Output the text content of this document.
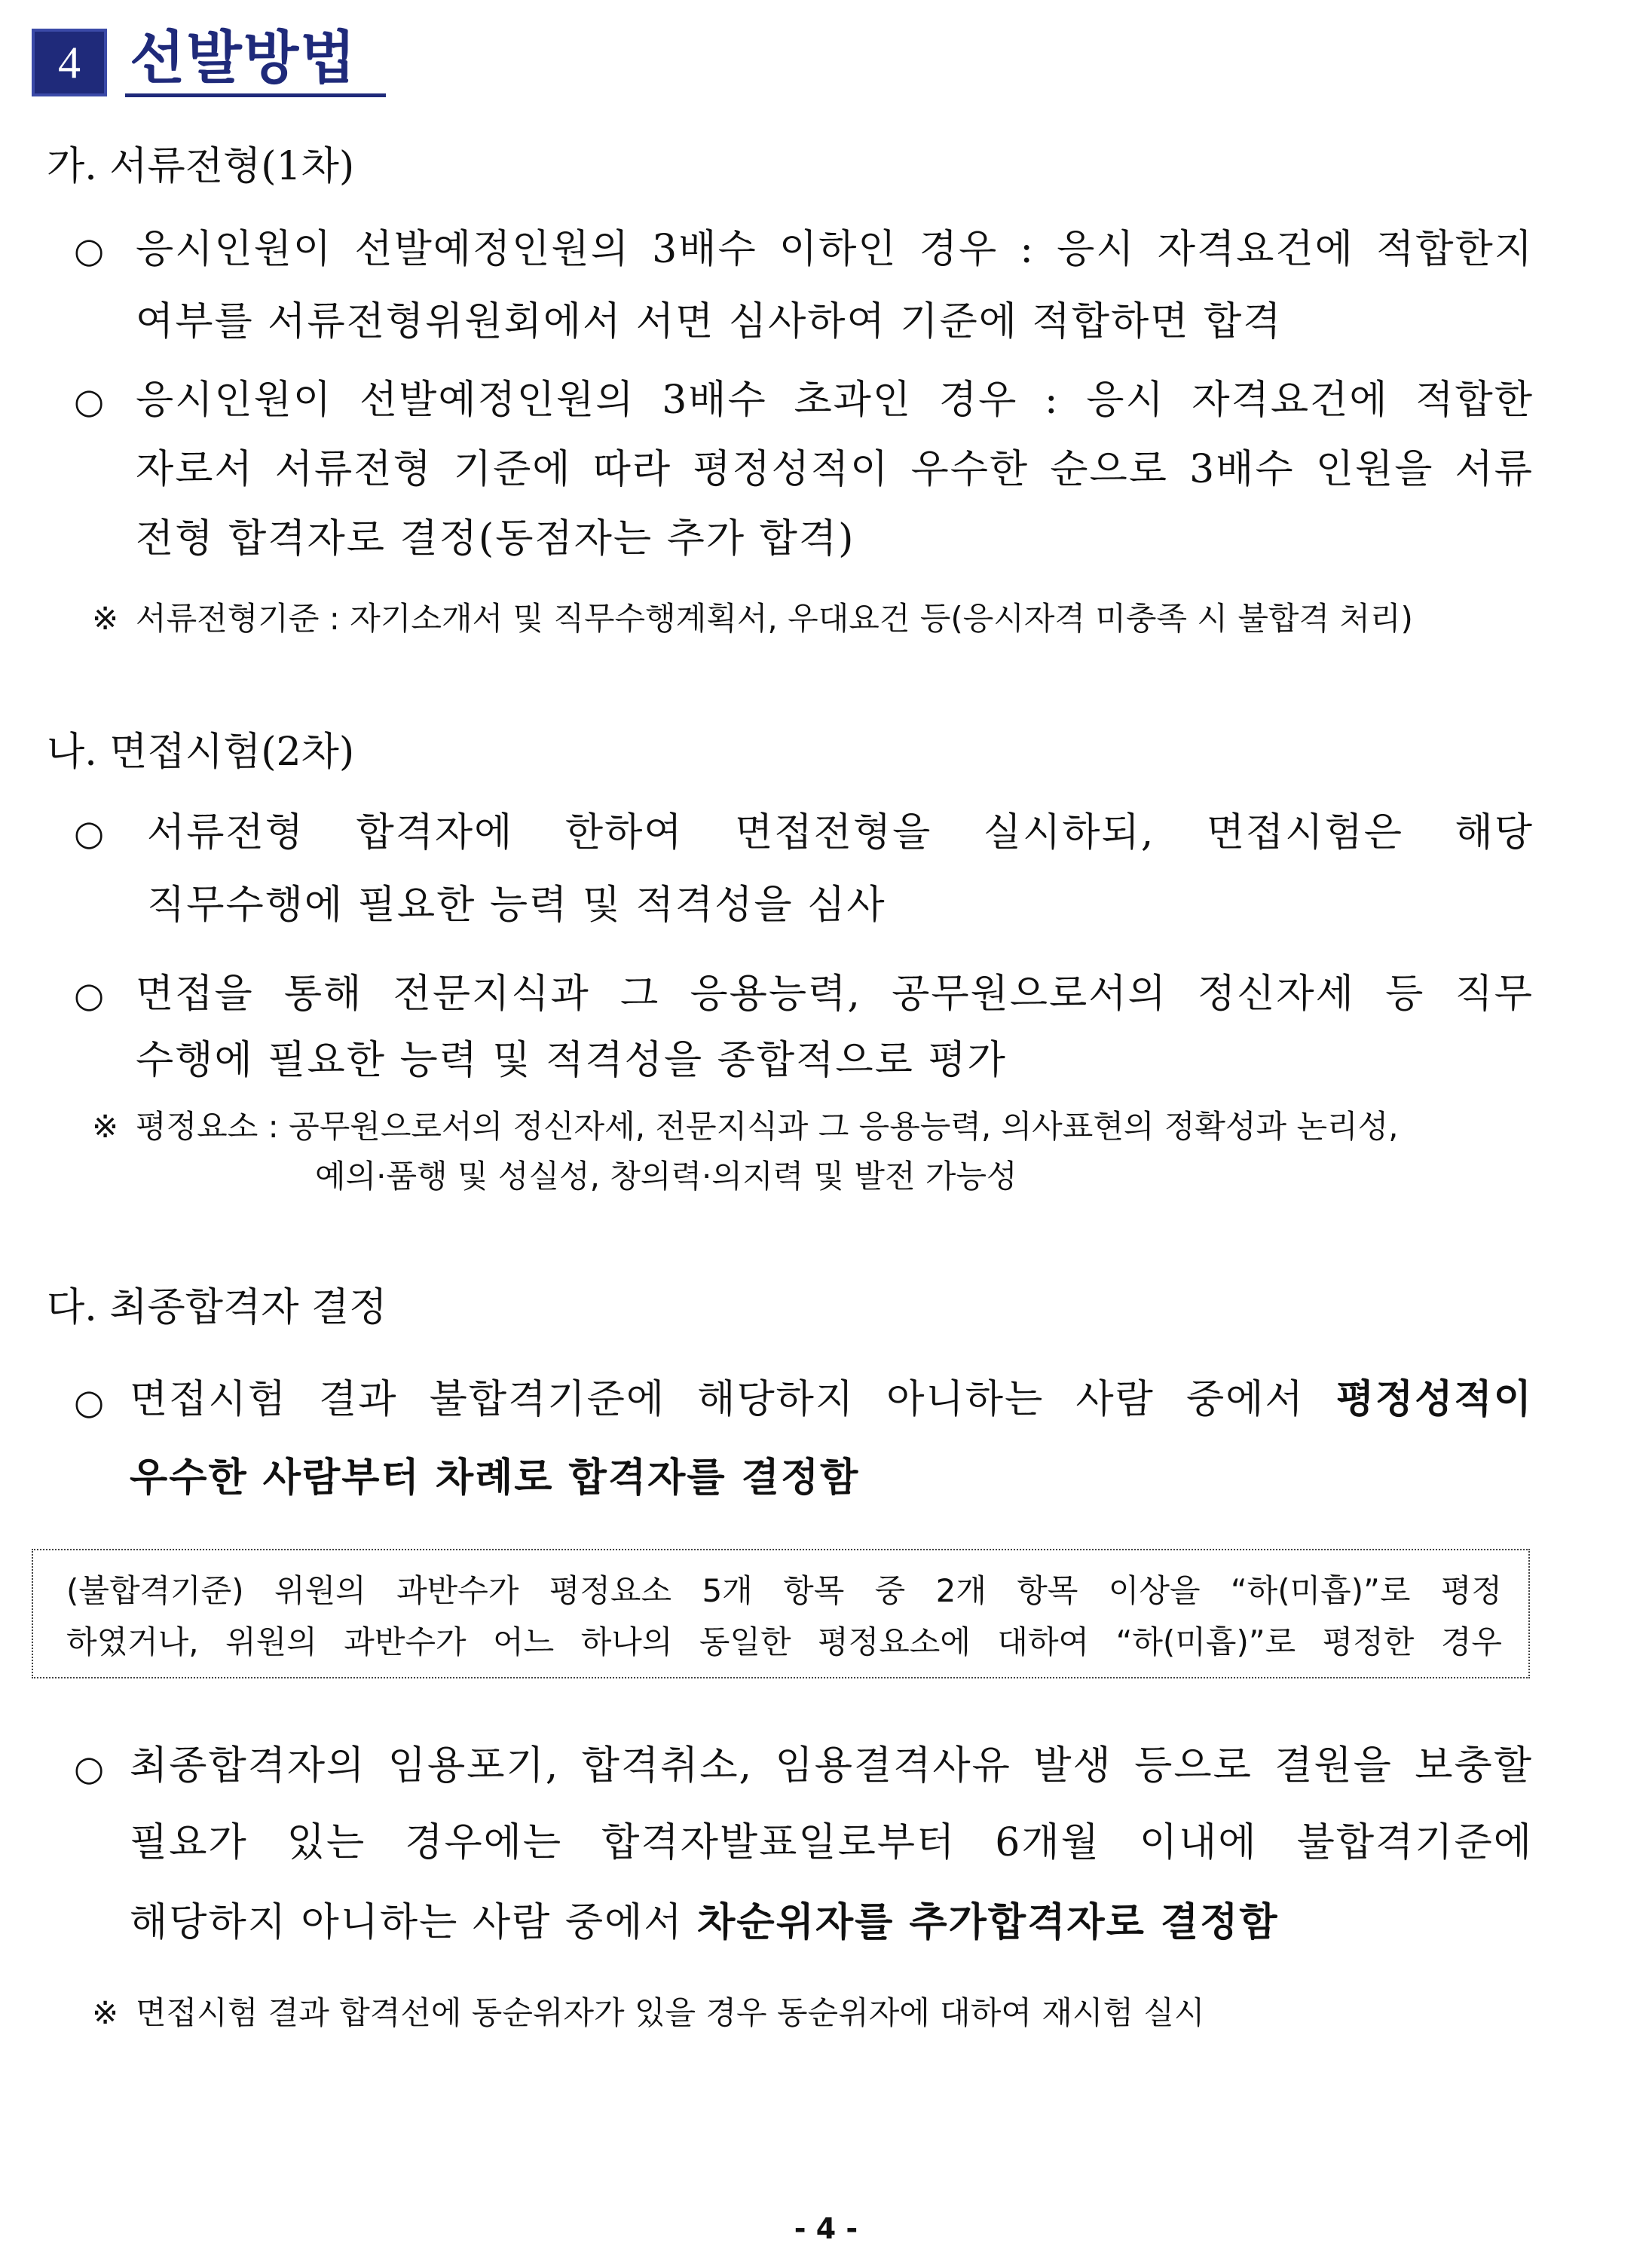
4 선발방법
가. 서류전형(1차)
○ 응시인원이 선발예정인원의 3배수 이하인 경우 : 응시 자격요건에 적합한지
여부를 서류전형위원회에서 서면 심사하여 기준에 적합하면 합격
○ 응시인원이 선발예정인원의 3배수 초과인 경우 : 응시 자격요건에 적합한
자로서 서류전형 기준에 따라 평정성적이 우수한 순으로 3배수 인원을 서류
전형 합격자로 결정(동점자는 추가 합격)
※ 서류전형기준 : 자기소개서 및 직무수행계획서, 우대요건 등(응시자격 미충족 시 불합격 처리)
나. 면접시험(2차)
○ 서류전형 합격자에 한하여 면접전형을 실시하되, 면접시험은 해당
직무수행에 필요한 능력 및 적격성을 심사
○ 면접을 통해 전문지식과 그 응용능력, 공무원으로서의 정신자세 등 직무
수행에 필요한 능력 및 적격성을 종합적으로 평가
※ 평정요소 : 공무원으로서의 정신자세, 전문지식과 그 응용능력, 의사표현의 정확성과 논리성,
예의·품행 및 성실성, 창의력·의지력 및 발전 가능성
다. 최종합격자 결정
○ 면접시험 결과 불합격기준에 해당하지 아니하는 사람 중에서 평정성적이
우수한 사람부터 차례로 합격자를 결정함
(불합격기준) 위원의 과반수가 평정요소 5개 항목 중 2개 항목 이상을 “하(미흡)”로 평정
하였거나, 위원의 과반수가 어느 하나의 동일한 평정요소에 대하여 “하(미흡)”로 평정한 경우
○ 최종합격자의 임용포기, 합격취소, 임용결격사유 발생 등으로 결원을 보충할
필요가 있는 경우에는 합격자발표일로부터 6개월 이내에 불합격기준에
해당하지 아니하는 사람 중에서 차순위자를 추가합격자로 결정함
※ 면접시험 결과 합격선에 동순위자가 있을 경우 동순위자에 대하여 재시험 실시
- 4 -
